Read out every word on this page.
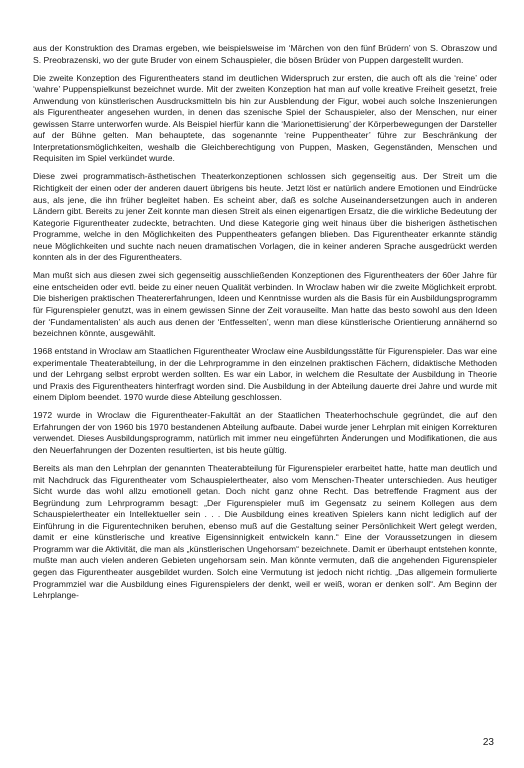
aus der Konstruktion des Dramas ergeben, wie beispielsweise im ‘Märchen von den fünf Brüdern’ von S. Obraszow und S. Preobrazenski, wo der gute Bruder von einem Schauspieler, die bösen Brüder von Puppen dargestellt wurden.

Die zweite Konzeption des Figurentheaters stand im deutlichen Widerspruch zur ersten, die auch oft als die ‘reine’ oder ‘wahre’ Puppenspielkunst bezeichnet wurde. Mit der zweiten Konzeption hat man auf volle kreative Freiheit gesetzt, freie Anwendung von künstlerischen Ausdrucksmitteln bis hin zur Ausblendung der Figur, wobei auch solche Inszenierungen als Figurentheater angesehen wurden, in denen das szenische Spiel der Schauspieler, also der Menschen, nur einer gewissen Starre unterworfen wurde. Als Beispiel hierfür kann die ‘Marionettisierung’ der Körperbewegungen der Darsteller auf der Bühne gelten. Man behauptete, das sogenannte ‘reine Puppentheater’ führe zur Beschränkung der Interpretationsmöglichkeiten, weshalb die Gleichberechtigung von Puppen, Masken, Gegenständen, Menschen und Requisiten im Spiel verkündet wurde.

Diese zwei programmatisch-ästhetischen Theaterkonzeptionen schlossen sich gegenseitig aus. Der Streit um die Richtigkeit der einen oder der anderen dauert übrigens bis heute. Jetzt löst er natürlich andere Emotionen und Eindrücke aus, als jene, die ihn früher begleitet haben. Es scheint aber, daß es solche Auseinandersetzungen auch in anderen Ländern gibt. Bereits zu jener Zeit konnte man diesen Streit als einen eigenartigen Ersatz, die die wirkliche Bedeutung der Kategorie Figurentheater zudeckte, betrachten. Und diese Kategorie ging weit hinaus über die bisherigen ästhetischen Programme, welche in den Möglichkeiten des Puppentheaters gefangen blieben. Das Figurentheater erkannte ständig neue Möglichkeiten und suchte nach neuen dramatischen Vorlagen, die in keiner anderen Sprache ausgedrückt werden konnten als in der des Figurentheaters.

Man mußt sich aus diesen zwei sich gegenseitig ausschließenden Konzeptionen des Figurentheaters der 60er Jahre für eine entscheiden oder evtl. beide zu einer neuen Qualität verbinden. In Wroclaw haben wir die zweite Möglichkeit erprobt. Die bisherigen praktischen Theatererfahrungen, Ideen und Kenntnisse wurden als die Basis für ein Ausbildungsprogramm für Figurenspieler genutzt, was in einem gewissen Sinne der Zeit vorauseilte. Man hatte das besto sowohl aus den Ideen der ‘Fundamentalisten’ als auch aus denen der ‘Entfesselten’, wenn man diese künstlerische Orientierung annähernd so bezeichnen könnte, ausgewählt.

1968 entstand in Wroclaw am Staatlichen Figurentheater Wroclaw eine Ausbildungsstätte für Figurenspieler. Das war eine experimentale Theaterabteilung, in der die Lehrprogramme in den einzelnen praktischen Fächern, didaktische Methoden und der Lehrgang selbst erprobt werden sollten. Es war ein Labor, in welchem die Resultate der Ausbildung in Theorie und Praxis des Figurentheaters hinterfragt worden sind. Die Ausbildung in der Abteilung dauerte drei Jahre und wurde mit einem Diplom beendet. 1970 wurde diese Abteilung geschlossen.

1972 wurde in Wroclaw die Figurentheater-Fakultät an der Staatlichen Theaterhochschule gegründet, die auf den Erfahrungen der von 1960 bis 1970 bestandenen Abteilung aufbaute. Dabei wurde jener Lehrplan mit einigen Korrekturen verwendet. Dieses Ausbildungsprogramm, natürlich mit immer neu eingeführten Änderungen und Modifikationen, die aus den Neuerfahrungen der Dozenten resultierten, ist bis heute gültig.

Bereits als man den Lehrplan der genannten Theaterabteilung für Figurenspieler erarbeitet hatte, hatte man deutlich und mit Nachdruck das Figurentheater vom Schauspielertheater, also vom Menschen-Theater unterschieden. Aus heutiger Sicht wurde das wohl allzu emotionell getan. Doch nicht ganz ohne Recht. Das betreffende Fragment aus der Begründung zum Lehrprogramm besagt: „Der Figurenspieler muß im Gegensatz zu seinem Kollegen aus dem Schauspielertheater ein Intellektueller sein . . . Die Ausbildung eines kreativen Spielers kann nicht lediglich auf der Einführung in die Figurentechniken beruhen, ebenso muß auf die Gestaltung seiner Persönlichkeit Wert gelegt werden, damit er eine künstlerische und kreative Eigensinnigkeit entwickeln kann.“ Eine der Voraussetzungen in diesem Programm war die Aktivität, die man als „künstlerischen Ungehorsam“ bezeichnete. Damit er überhaupt entstehen konnte, mußte man auch vielen anderen Gebieten ungehorsam sein. Man könnte vermuten, daß die angehenden Figurenspieler gegen das Figurentheater ausgebildet wurden. Solch eine Vermutung ist jedoch nicht richtig. „Das allgemein formulierte Programmziel war die Ausbildung eines Figurenspielers der denkt, weil er weiß, woran er denken soll“. Am Beginn der Lehrplange-

23
